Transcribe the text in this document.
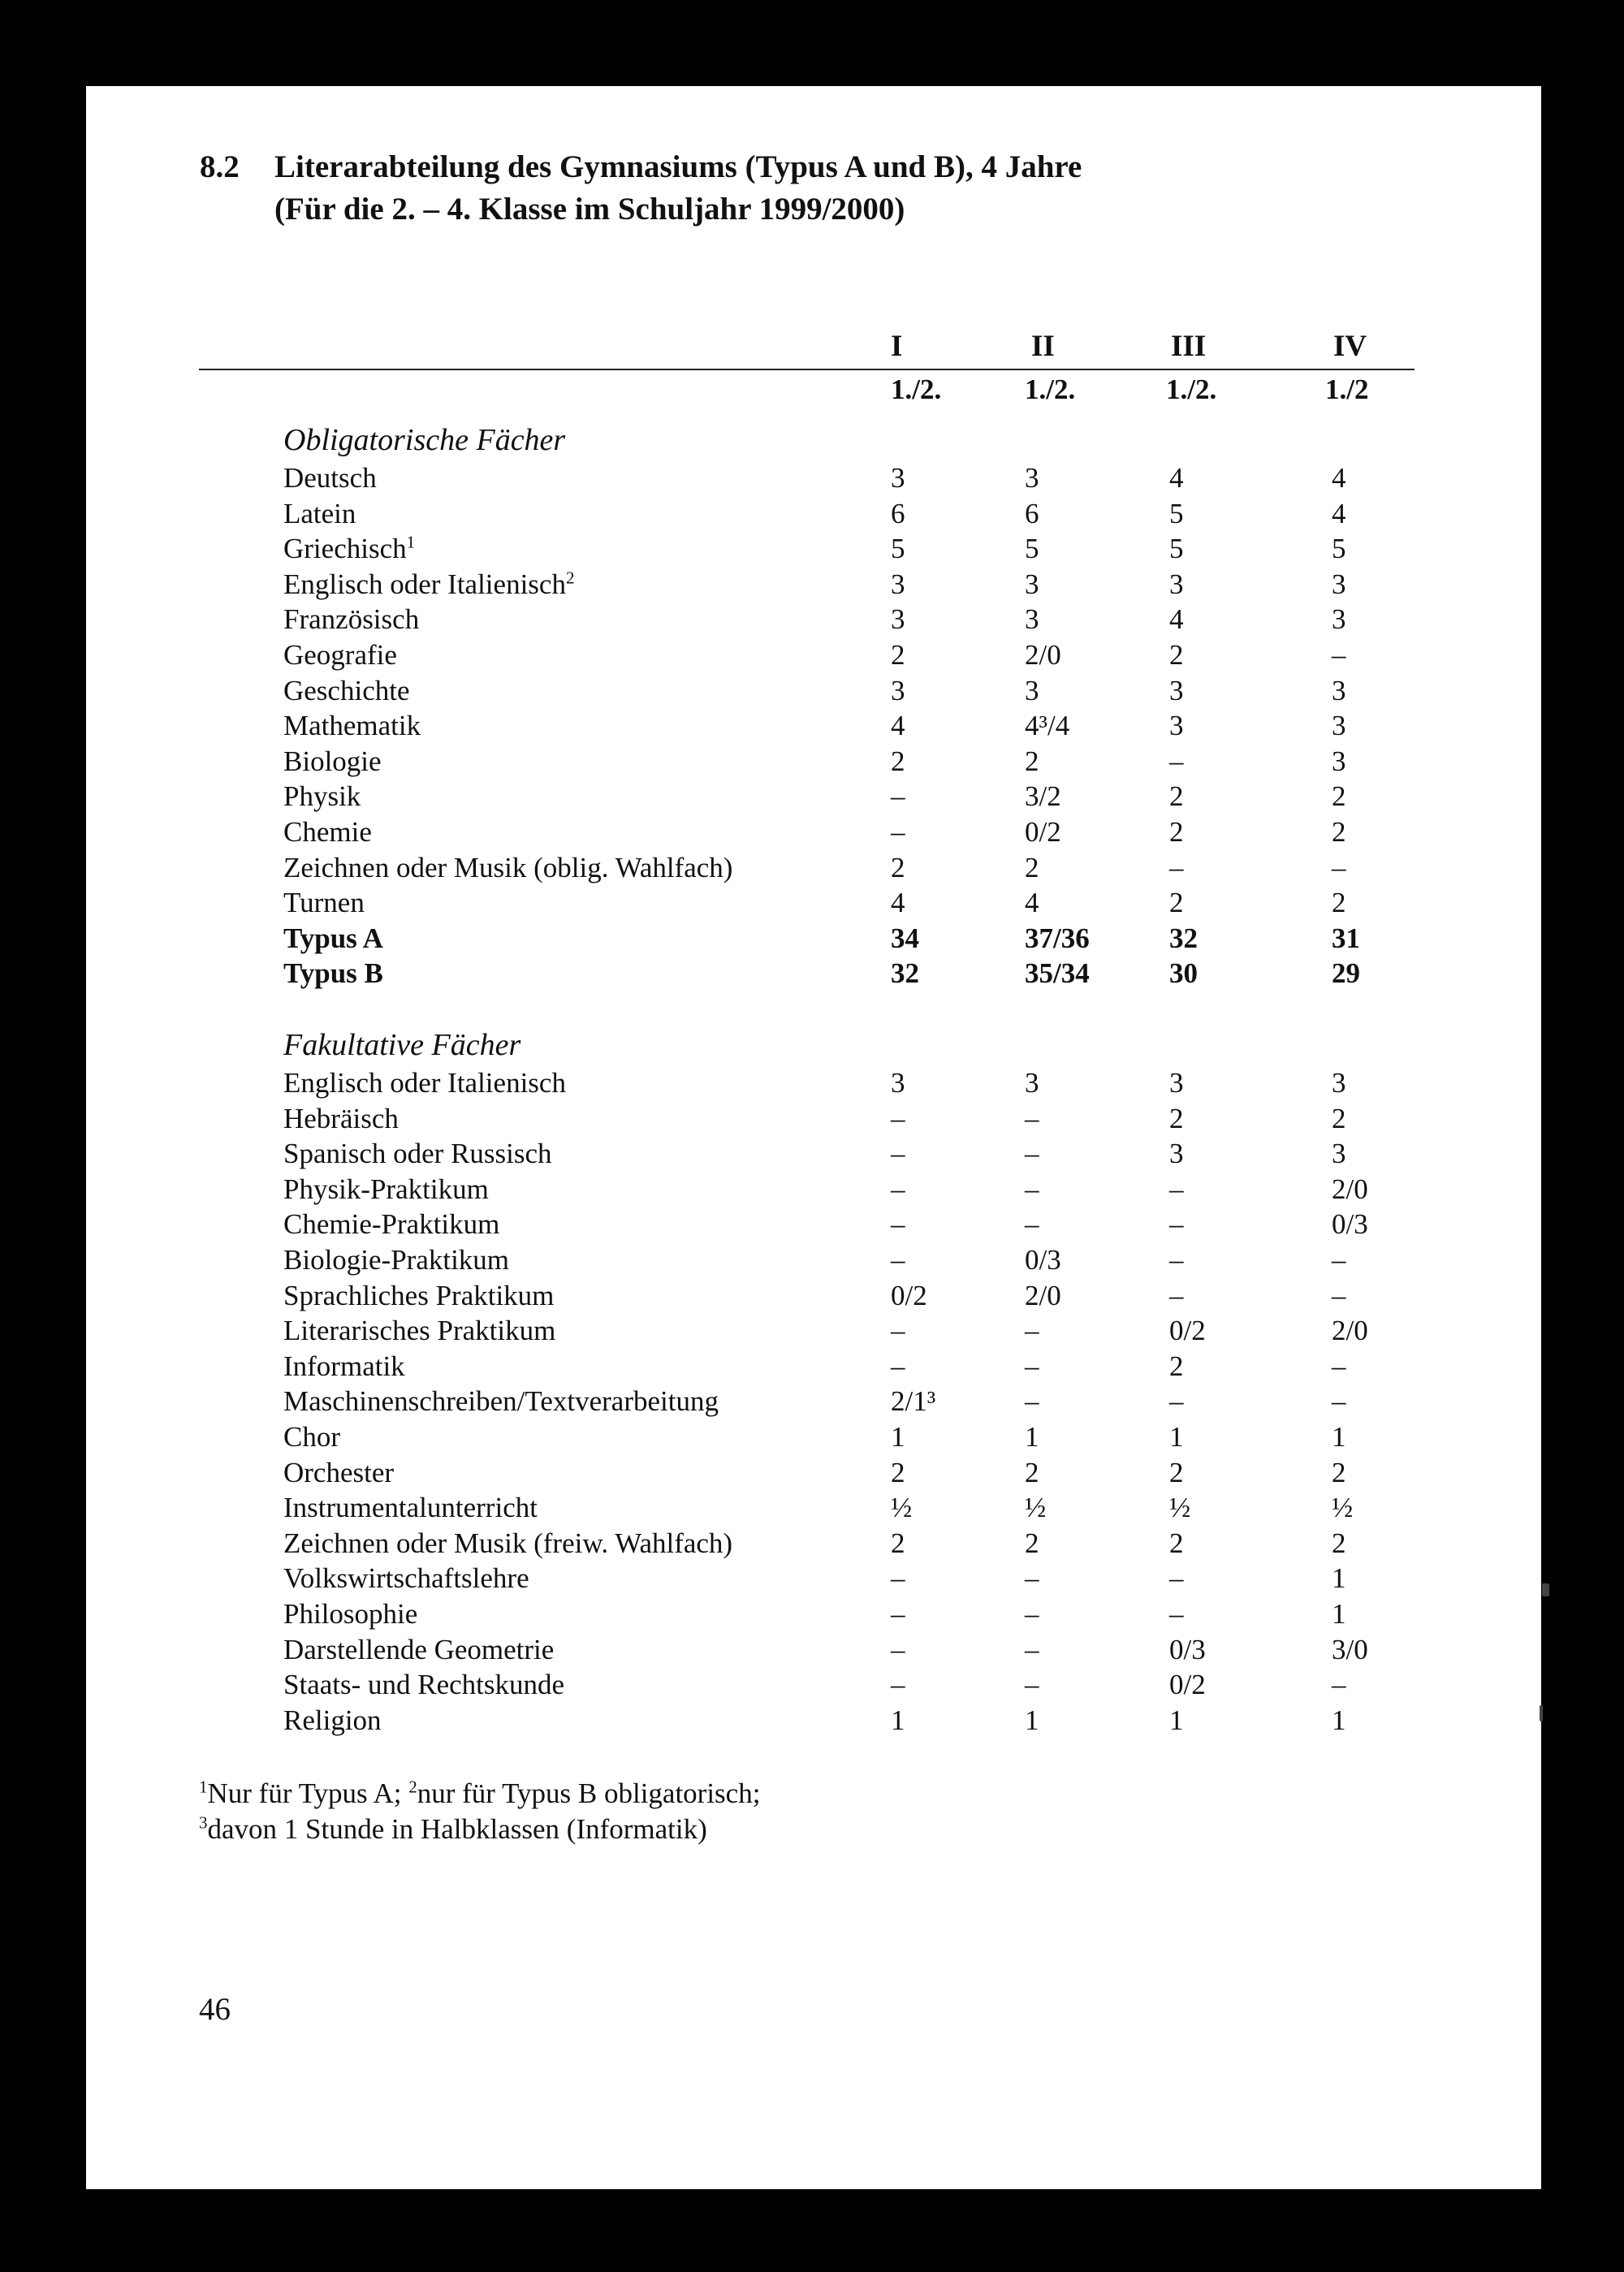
8.2 Literarabteilung des Gymnasiums (Typus A und B), 4 Jahre
(Für die 2. – 4. Klasse im Schuljahr 1999/2000)
I	II	III	IV
1./2.	1./2.	1./2.	1./2
Obligatorische Fächer
Deutsch	3	3	4	4
Latein	6	6	5	4
Griechisch$^1$	5	5	5	5
Englisch oder Italienisch$^2$	3	3	3	3
Französisch	3	3	4	3
Geografie	2	2/0	2	–
Geschichte	3	3	3	3
Mathematik	4	4³/4	3	3
Biologie	2	2	–	3
Physik	–	3/2	2	2
Chemie	–	0/2	2	2
Zeichnen oder Musik (oblig. Wahlfach)	2	2	–	–
Turnen	4	4	2	2
Typus A	34	37/36	32	31
Typus B	32	35/34	30	29
Fakultative Fächer
Englisch oder Italienisch	3	3	3	3
Hebräisch	–	–	2	2
Spanisch oder Russisch	–	–	3	3
Physik-Praktikum	–	–	–	2/0
Chemie-Praktikum	–	–	–	0/3
Biologie-Praktikum	–	0/3	–	–
Sprachliches Praktikum	0/2	2/0	–	–
Literarisches Praktikum	–	–	0/2	2/0
Informatik	–	–	2	–
Maschinenschreiben/Textverarbeitung	2/1³	–	–	–
Chor	1	1	1	1
Orchester	2	2	2	2
Instrumentalunterricht	½	½	½	½
Zeichnen oder Musik (freiw. Wahlfach)	2	2	2	2
Volkswirtschaftslehre	–	–	–	1
Philosophie	–	–	–	1
Darstellende Geometrie	–	–	0/3	3/0
Staats- und Rechtskunde	–	–	0/2	–
Religion	1	1	1	1
$^1$Nur für Typus A; $^2$nur für Typus B obligatorisch;
$^3$davon 1 Stunde in Halbklassen (Informatik)
46
